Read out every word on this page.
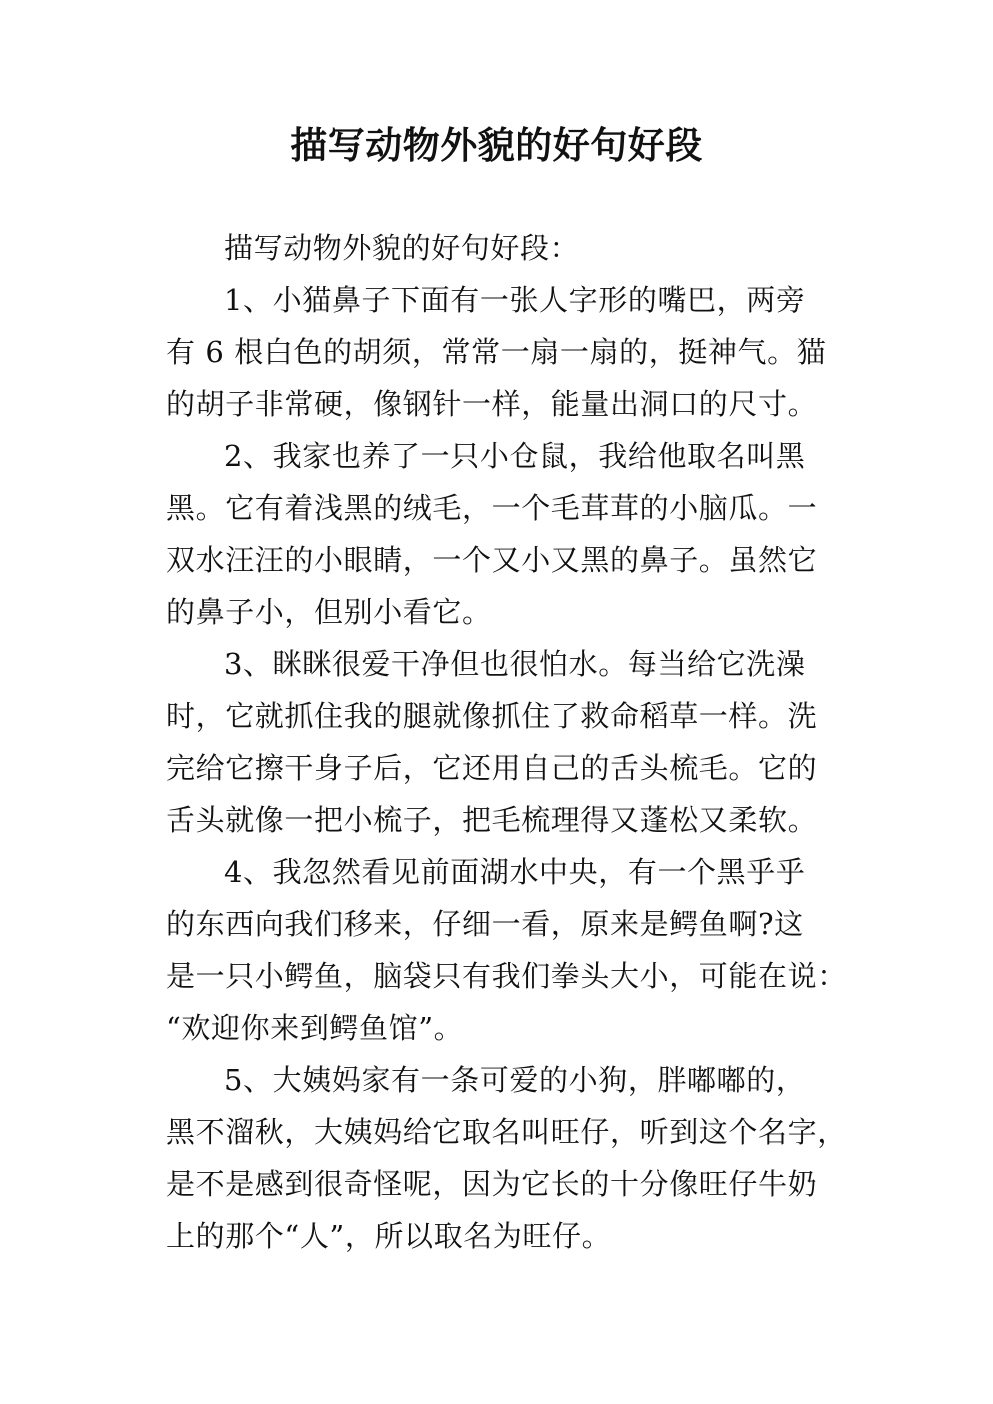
描写动物外貌的好句好段
描写动物外貌的好句好段：
1、小猫鼻子下面有一张人字形的嘴巴，两旁
有 6 根白色的胡须，常常一扇一扇的，挺神气。猫
的胡子非常硬，像钢针一样，能量出洞口的尺寸。
2、我家也养了一只小仓鼠，我给他取名叫黑
黑。它有着浅黑的绒毛，一个毛茸茸的小脑瓜。一
双水汪汪的小眼睛，一个又小又黑的鼻子。虽然它
的鼻子小，但别小看它。
3、眯眯很爱干净但也很怕水。每当给它洗澡
时，它就抓住我的腿就像抓住了救命稻草一样。洗
完给它擦干身子后，它还用自己的舌头梳毛。它的
舌头就像一把小梳子，把毛梳理得又蓬松又柔软。
4、我忽然看见前面湖水中央，有一个黑乎乎
的东西向我们移来，仔细一看，原来是鳄鱼啊?这
是一只小鳄鱼，脑袋只有我们拳头大小，可能在说：
“欢迎你来到鳄鱼馆”。
5、大姨妈家有一条可爱的小狗，胖嘟嘟的，
黑不溜秋，大姨妈给它取名叫旺仔，听到这个名字，
是不是感到很奇怪呢，因为它长的十分像旺仔牛奶
上的那个“人”，所以取名为旺仔。
